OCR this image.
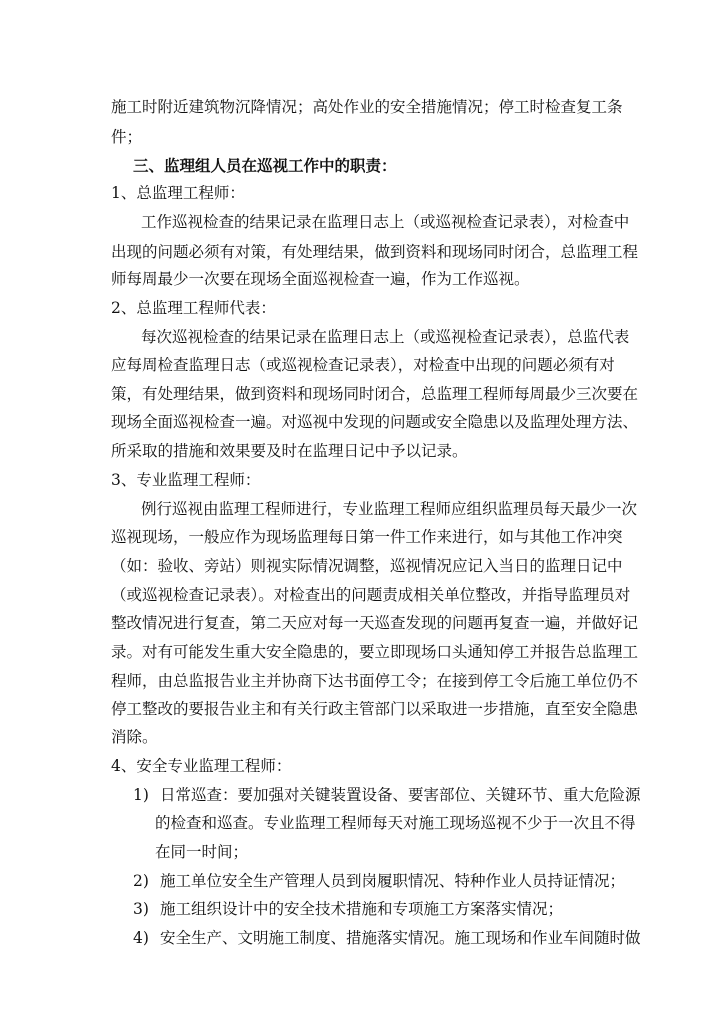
施工时附近建筑物沉降情况；高处作业的安全措施情况；停工时检查复工条

件；

三、监理组人员在巡视工作中的职责：

1、总监理工程师：

工作巡视检查的结果记录在监理日志上（或巡视检查记录表），对检查中

出现的问题必须有对策，有处理结果，做到资料和现场同时闭合，总监理工程

师每周最少一次要在现场全面巡视检查一遍，作为工作巡视。

2、总监理工程师代表：

每次巡视检查的结果记录在监理日志上（或巡视检查记录表），总监代表

应每周检查监理日志（或巡视检查记录表），对检查中出现的问题必须有对

策，有处理结果，做到资料和现场同时闭合，总监理工程师每周最少三次要在

现场全面巡视检查一遍。对巡视中发现的问题或安全隐患以及监理处理方法、

所采取的措施和效果要及时在监理日记中予以记录。

3、专业监理工程师：

例行巡视由监理工程师进行，专业监理工程师应组织监理员每天最少一次

巡视现场，一般应作为现场监理每日第一件工作来进行，如与其他工作冲突

（如：验收、旁站）则视实际情况调整，巡视情况应记入当日的监理日记中

（或巡视检查记录表）。对检查出的问题责成相关单位整改，并指导监理员对

整改情况进行复查，第二天应对每一天巡查发现的问题再复查一遍，并做好记

录。对有可能发生重大安全隐患的，要立即现场口头通知停工并报告总监理工

程师，由总监报告业主并协商下达书面停工令；在接到停工令后施工单位仍不

停工整改的要报告业主和有关行政主管部门以采取进一步措施，直至安全隐患

消除。

4、安全专业监理工程师：

1) 日常巡查：要加强对关键装置设备、要害部位、关键环节、重大危险源
的检查和巡查。专业监理工程师每天对施工现场巡视不少于一次且不得
在同一时间；
2) 施工单位安全生产管理人员到岗履职情况、特种作业人员持证情况；
3) 施工组织设计中的安全技术措施和专项施工方案落实情况；
4) 安全生产、文明施工制度、措施落实情况。施工现场和作业车间随时做
